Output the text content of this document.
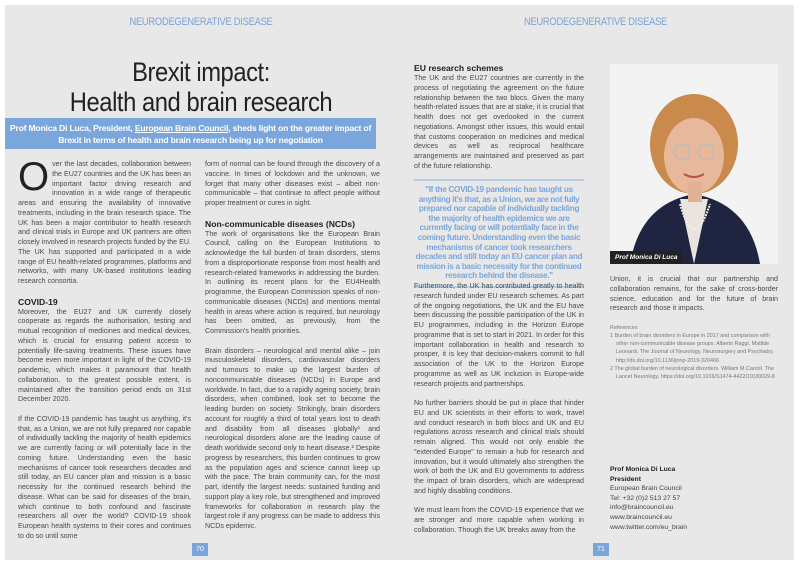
NEURODEGENERATIVE DISEASE
Brexit impact:
Health and brain research
Prof Monica Di Luca, President, European Brain Council, sheds light on the greater impact of Brexit in terms of health and brain research being up for negotiation

Over the last decades, collaboration between the EU27 countries and the UK has been an important factor driving research and innovation in a wide range of therapeutic areas and ensuring the availability of innovative treatments, including in the brain research space. The UK has been a major contributor to health research and clinical trials in Europe and UK partners are often closely involved in research projects funded by the EU. The UK has supported and participated in a wide range of EU health-related programmes, platforms and networks, with many UK-based institutions leading research consortia.

COVID-19

Moreover, the EU27 and UK currently closely cooperate as regards the authorisation, testing and mutual recognition of medicines and medical devices, which is crucial for ensuring patient access to potentially life-saving treatments. These issues have become even more important in light of the COVID-19 pandemic, which makes it paramount that health collaboration, to the greatest possible extent, is maintained after the transition period ends on 31st December 2020.

If the COVID-19 pandemic has taught us anything, it's that, as a Union, we are not fully prepared nor capable of individually tackling the majority of health epidemics we are currently facing or will potentially face in the coming future. Understanding even the basic mechanisms of cancer took researchers decades and still today, an EU cancer plan and mission is a basic necessity for the continued research behind the disease. What can be said for diseases of the brain, which continue to both confound and fascinate researchers all over the world? COVID-19 shook European health systems to their cores and continues to do so until some

form of normal can be found through the discovery of a vaccine. In times of lockdown and the unknown, we forget that many other diseases exist – albeit non-communicable – that continue to affect people without proper treatment or cures in sight.

Non-communicable diseases (NCDs)

The work of organisations like the European Brain Council, calling on the European Institutions to acknowledge the full burden of brain disorders, stems from a disproportionate response from most health and research-related frameworks in addressing the burden. In outlining its recent plans for the EU4Health programme, the European Commission speaks of non-communicable diseases (NCDs) and mentions mental health in areas where action is required, but neurology has been omitted, as previously, from the Commission's health priorities.

Brain disorders – neurological and mental alike – join musculoskeletal disorders, cardiovascular disorders and tumours to make up the largest burden of noncommunicable diseases (NCDs) in Europe and worldwide. In fact, due to a rapidly ageing society, brain disorders, when combined, look set to become the leading burden on society. Strikingly, brain disorders account for roughly a third of total years lost to death and disability from all diseases globally¹ and neurological disorders alone are the leading cause of death worldwide second only to heart disease.² Despite progress by researchers, this burden continues to grow as the population ages and science cannot keep up with the pace. The brain community can, for the most part, identify the largest needs: sustained funding and support play a key role, but strengthened and improved frameworks for collaboration in research play the largest role if any progress can be made to address this NCDs epidemic.

70
NEURODEGENERATIVE DISEASE
EU research schemes

The UK and the EU27 countries are currently in the process of negotiating the agreement on the future relationship between the two blocs. Given the many health-related issues that are at stake, it is crucial that health does not get overlooked in the current negotiations. Amongst other issues, this would entail that customs cooperation on medicines and medical devices as well as reciprocal healthcare arrangements are maintained and preserved as part of the future relationship.

"If the COVID-19 pandemic has taught us anything it's that, as a Union, we are not fully prepared nor capable of individually tackling the majority of health epidemics we are currently facing or will potentially face in the coming future. Understanding even the basic mechanisms of cancer took researchers decades and still today an EU cancer plan and mission is a basic necessity for the continued research behind the disease."

Furthermore, the UK has contributed greatly to health research funded under EU research schemes. As part of the ongoing negotiations, the UK and the EU have been discussing the possible participation of the UK in EU programmes, including in the Horizon Europe programme that is set to start in 2021. In order for this important collaboration in health and research to prosper, it is key that decision-makers commit to full association of the UK to the Horizon Europe programme as well as UK inclusion in Europe-wide research projects and partnerships.

No further barriers should be put in place that hinder EU and UK scientists in their efforts to work, travel and conduct research in both blocs and UK and EU regulations across research and clinical trials should remain aligned. This would not only enable the "extended Europe" to remain a hub for research and innovation, but it would ultimately also strengthen the work of both the UK and EU governments to address the impact of brain disorders, which are widespread and highly disabling conditions.

We must learn from the COVID-19 experience that we are stronger and more capable when working in collaboration. Though the UK breaks away from the

Prof Monica Di Luca

Union, it is crucial that our partnership and collaboration remains, for the sake of cross-border science, education and for the future of brain research and those it impacts.

References
1 Burden of brain disorders in Europe in 2017 and comparison with other non-communicable disease groups. Alberto Raggi, Matilde Leonardi. The Journal of Neurology, Neurosurgery and Psychiatry. http://dx.doi.org/10.1136/jnnp-2019-320466
2 The global burden of neurological disorders. William M Carroll. The Lancet Neurology. https://doi.org/10.1016/S1474-4422(19)30029-8
Prof Monica Di Luca
President
European Brain Council
Tel: +32 (0)2 513 27 57
info@braincouncil.eu
www.braincouncil.eu
www.twitter.com/eu_brain
71
